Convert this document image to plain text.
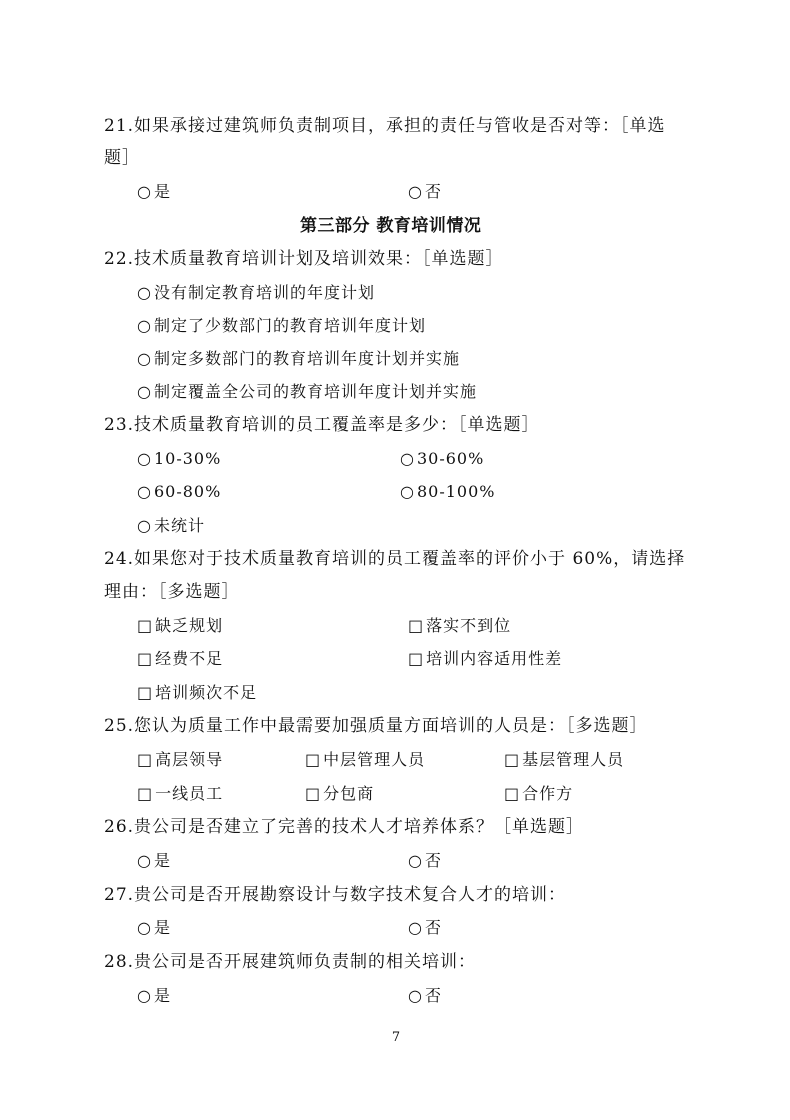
21.如果承接过建筑师负责制项目，承担的责任与管收是否对等：［单选
题］
○ 是	○ 否
第三部分 教育培训情况
22.技术质量教育培训计划及培训效果：［单选题］
○ 没有制定教育培训的年度计划
○ 制定了少数部门的教育培训年度计划
○ 制定多数部门的教育培训年度计划并实施
○ 制定覆盖全公司的教育培训年度计划并实施
23.技术质量教育培训的员工覆盖率是多少：［单选题］
○ 10-30%	○ 30-60%
○ 60-80%	○ 80-100%
○ 未统计
24.如果您对于技术质量教育培训的员工覆盖率的评价小于 60%，请选择
理由：［多选题］
□ 缺乏规划	□ 落实不到位
□ 经费不足	□ 培训内容适用性差
□ 培训频次不足
25.您认为质量工作中最需要加强质量方面培训的人员是：［多选题］
□ 高层领导	□ 中层管理人员	□ 基层管理人员
□ 一线员工	□ 分包商	□ 合作方
26.贵公司是否建立了完善的技术人才培养体系？［单选题］
○ 是	○ 否
27.贵公司是否开展勘察设计与数字技术复合人才的培训：
○ 是	○ 否
28.贵公司是否开展建筑师负责制的相关培训：
○ 是	○ 否
7
